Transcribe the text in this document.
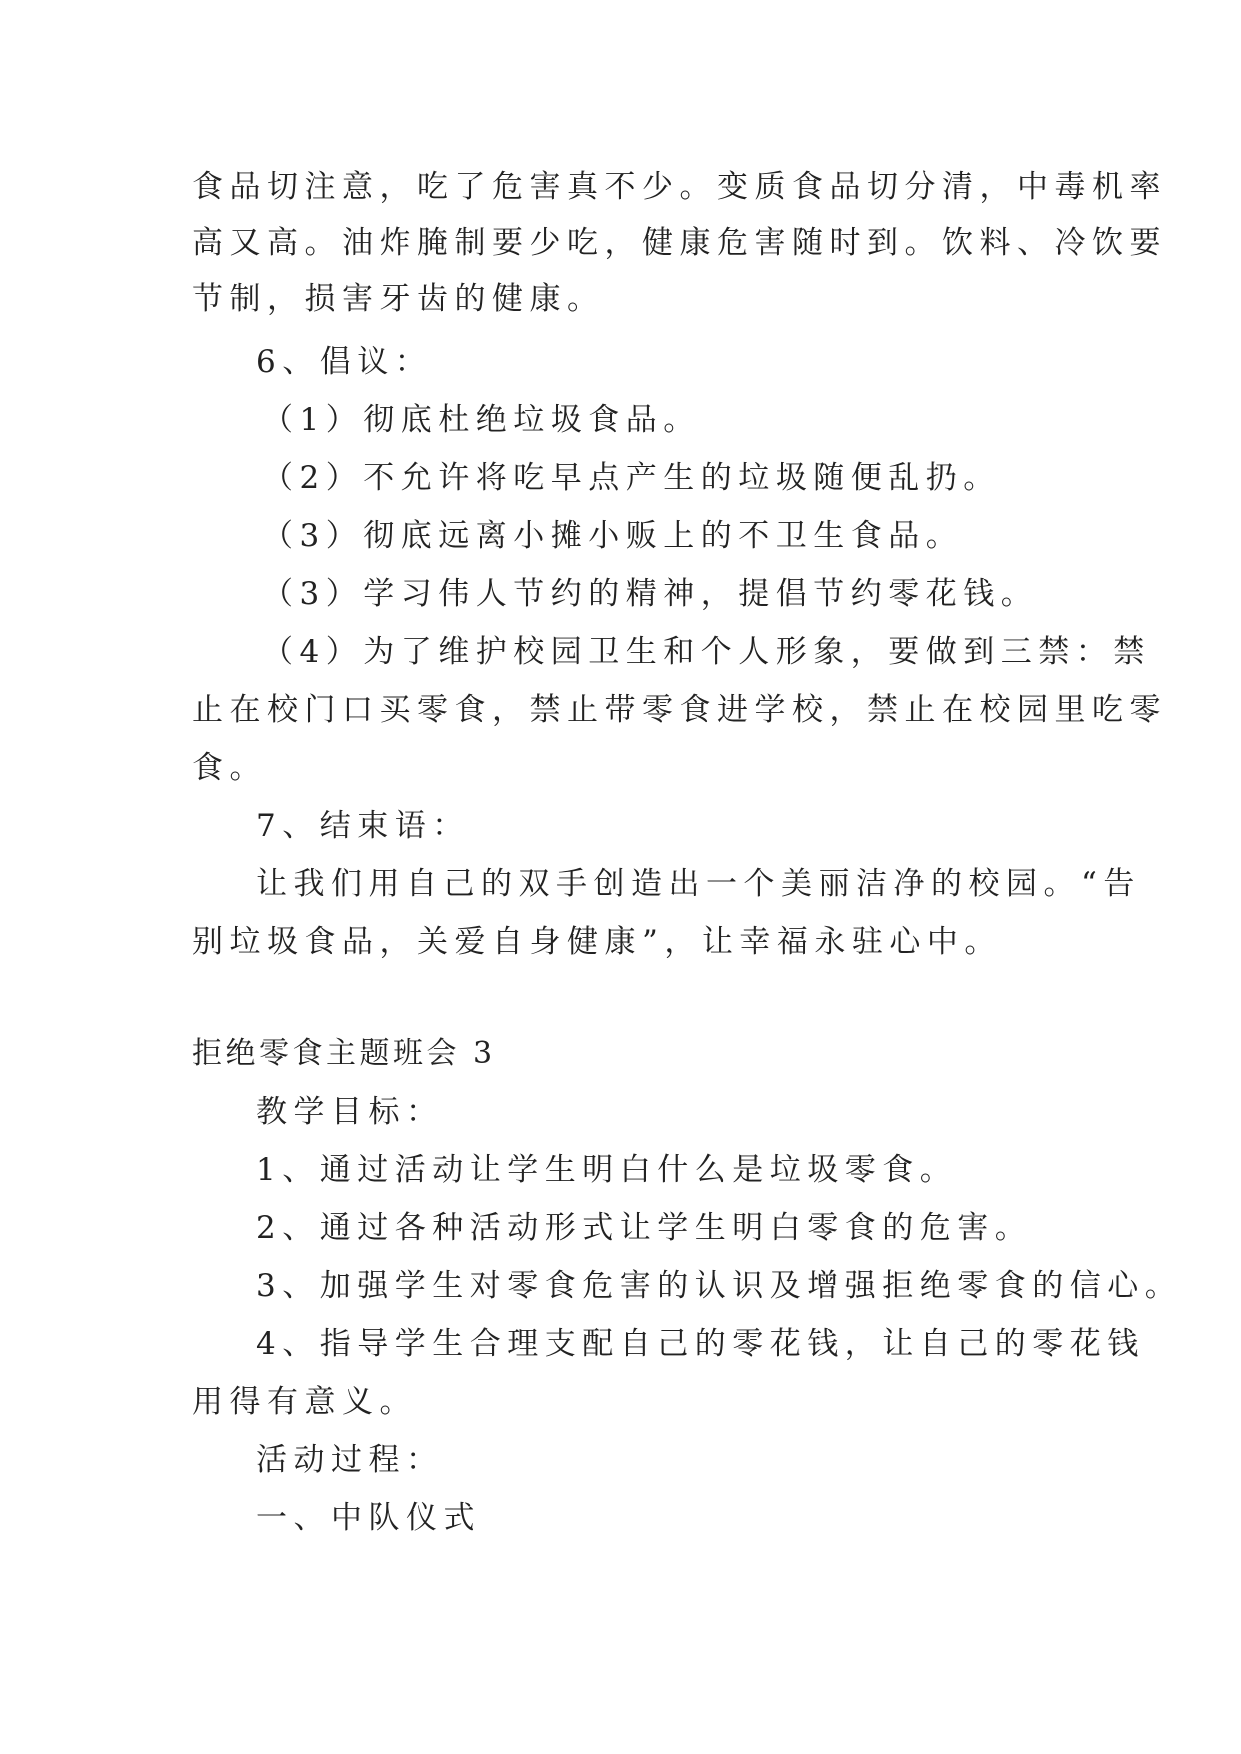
食品切注意，吃了危害真不少。变质食品切分清，中毒机率
高又高。油炸腌制要少吃，健康危害随时到。饮料、冷饮要
节制，损害牙齿的健康。
6、倡议：
（1）彻底杜绝垃圾食品。
（2）不允许将吃早点产生的垃圾随便乱扔。
（3）彻底远离小摊小贩上的不卫生食品。
（3）学习伟人节约的精神，提倡节约零花钱。
（4）为了维护校园卫生和个人形象，要做到三禁：禁
止在校门口买零食，禁止带零食进学校，禁止在校园里吃零
食。
7、结束语：
让我们用自己的双手创造出一个美丽洁净的校园。“告
别垃圾食品，关爱自身健康”，让幸福永驻心中。
拒绝零食主题班会 3
教学目标：
1、通过活动让学生明白什么是垃圾零食。
2、通过各种活动形式让学生明白零食的危害。
3、加强学生对零食危害的认识及增强拒绝零食的信心。
4、指导学生合理支配自己的零花钱，让自己的零花钱
用得有意义。
活动过程：
一、中队仪式
